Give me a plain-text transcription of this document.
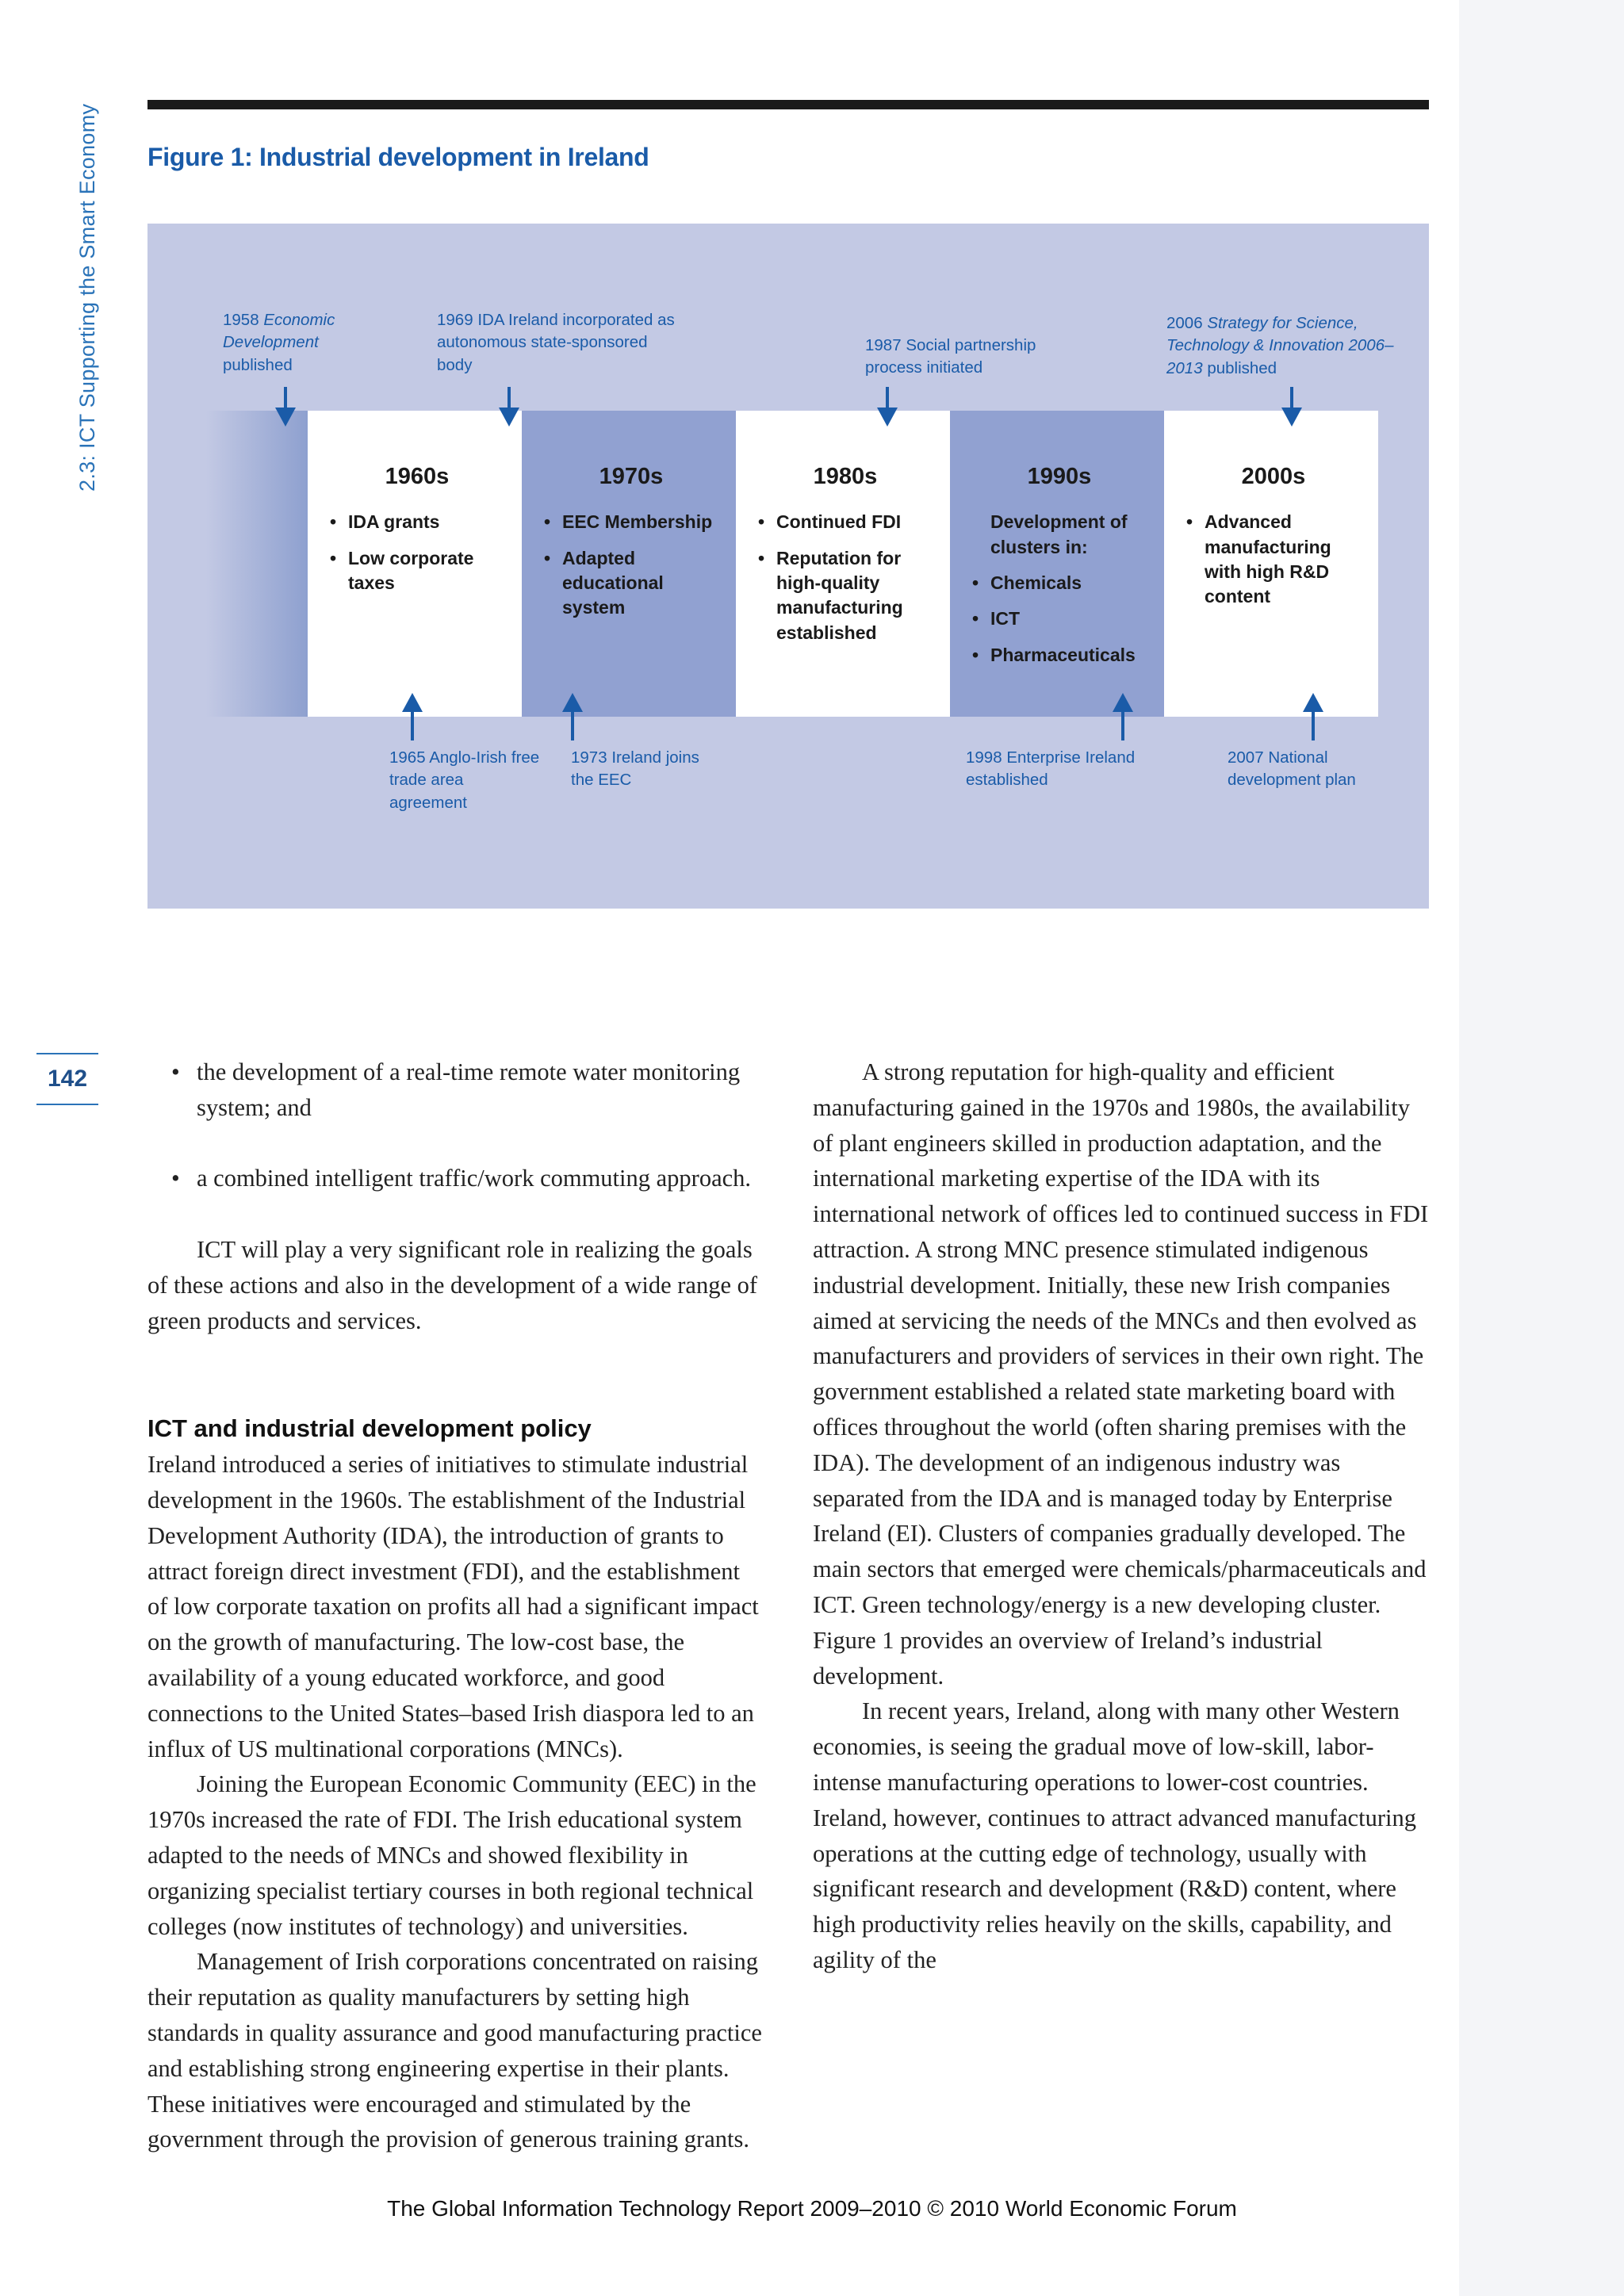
2.3: ICT Supporting the Smart Economy
142
Figure 1: Industrial development in Ireland
1960s
• IDA grants
• Low corporate taxes
1970s
• EEC Membership
• Adapted educational system
1980s
• Continued FDI
• Reputation for high-quality manufacturing established
1990s
Development of clusters in:
• Chemicals
• ICT
• Pharmaceuticals
2000s
• Advanced manufacturing with high R&D content
1958 Economic Development published
1969 IDA Ireland incorporated as autonomous state-sponsored body
1987 Social partnership process initiated
2006 Strategy for Science, Technology & Innovation 2006–2013 published
1965 Anglo-Irish free trade area agreement
1973 Ireland joins the EEC
1998 Enterprise Ireland established
2007 National development plan
• the development of a real-time remote water monitoring system; and
• a combined intelligent traffic/work commuting approach.

ICT will play a very significant role in realizing the goals of these actions and also in the development of a wide range of green products and services.

ICT and industrial development policy

Ireland introduced a series of initiatives to stimulate industrial development in the 1960s. The establishment of the Industrial Development Authority (IDA), the introduction of grants to attract foreign direct investment (FDI), and the establishment of low corporate taxation on profits all had a significant impact on the growth of manufacturing. The low-cost base, the availability of a young educated workforce, and good connections to the United States–based Irish diaspora led to an influx of US multinational corporations (MNCs).

Joining the European Economic Community (EEC) in the 1970s increased the rate of FDI. The Irish educational system adapted to the needs of MNCs and showed flexibility in organizing specialist tertiary courses in both regional technical colleges (now institutes of technology) and universities.

Management of Irish corporations concentrated on raising their reputation as quality manufacturers by setting high standards in quality assurance and good manufacturing practice and establishing strong engineering expertise in their plants. These initiatives were encouraged and stimulated by the government through the provision of generous training grants.

A strong reputation for high-quality and efficient manufacturing gained in the 1970s and 1980s, the availability of plant engineers skilled in production adaptation, and the international marketing expertise of the IDA with its international network of offices led to continued success in FDI attraction. A strong MNC presence stimulated indigenous industrial development. Initially, these new Irish companies aimed at servicing the needs of the MNCs and then evolved as manufacturers and providers of services in their own right. The government established a related state marketing board with offices throughout the world (often sharing premises with the IDA). The development of an indigenous industry was separated from the IDA and is managed today by Enterprise Ireland (EI). Clusters of companies gradually developed. The main sectors that emerged were chemicals/pharmaceuticals and ICT. Green technology/energy is a new developing cluster. Figure 1 provides an overview of Ireland’s industrial development.

In recent years, Ireland, along with many other Western economies, is seeing the gradual move of low-skill, labor-intense manufacturing operations to lower-cost countries. Ireland, however, continues to attract advanced manufacturing operations at the cutting edge of technology, usually with significant research and development (R&D) content, where high productivity relies heavily on the skills, capability, and agility of the

The Global Information Technology Report 2009–2010 © 2010 World Economic Forum
